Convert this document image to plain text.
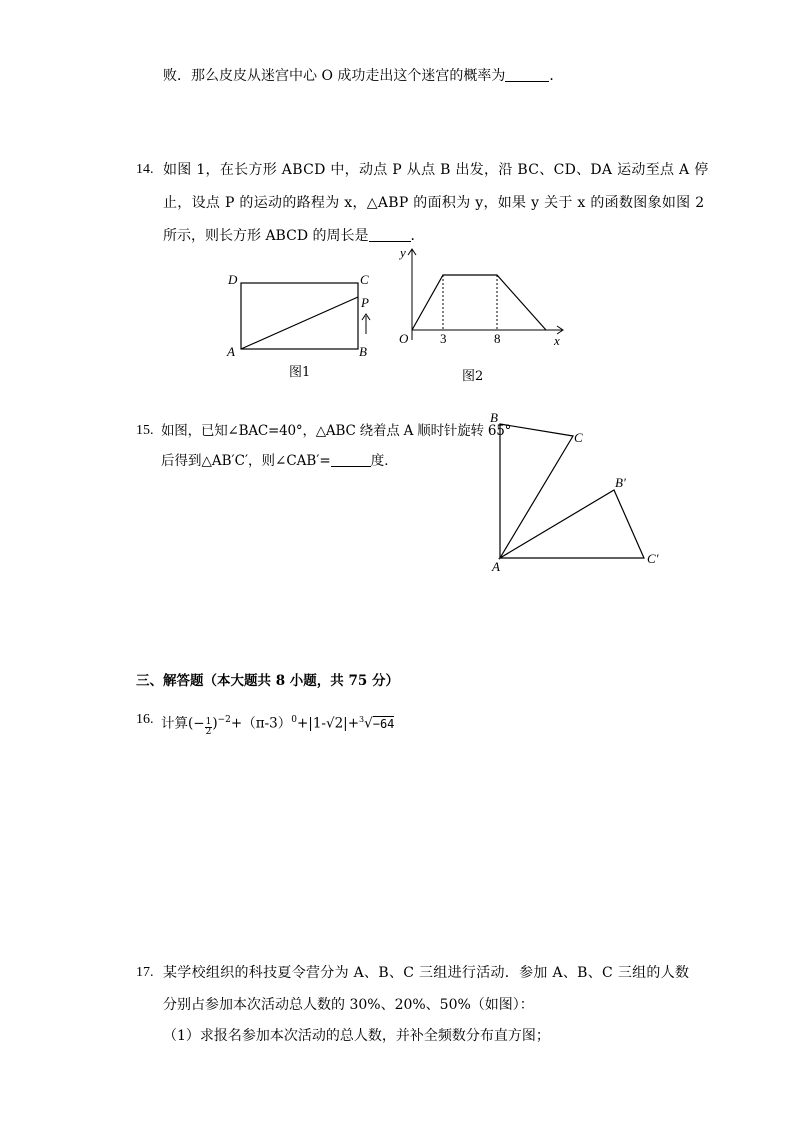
败．那么皮皮从迷宫中心 O 成功走出这个迷宫的概率为	．
14. 如图 1，在长方形 ABCD 中，动点 P 从点 B 出发，沿 BC、CD、DA 运动至点 A 停
止，设点 P 的运动的路程为 x，△ABP 的面积为 y，如果 y 关于 x 的函数图象如图 2
所示，则长方形 ABCD 的周长是	．
D	C
P
A	B
图1
y
x
O 3	8
图2
15. 如图，已知∠BAC=40°，△ABC 绕着点 A 顺时针旋转 65°
后得到△AB′C′，则∠CAB′=	度．
B
C
B′
C′
A
三、解答题（本大题共 8 小题，共 75 分）
16. 计算(− $\frac{1}{2} )^{-2}+(\pi-3)^0+|1-√2|+^3√-64$
17. 某学校组织的科技夏令营分为 A、B、C 三组进行活动．参加 A、B、C 三组的人数
分别占参加本次活动总人数的 30%、20%、50%（如图）：
（1）求报名参加本次活动的总人数，并补全频数分布直方图；
